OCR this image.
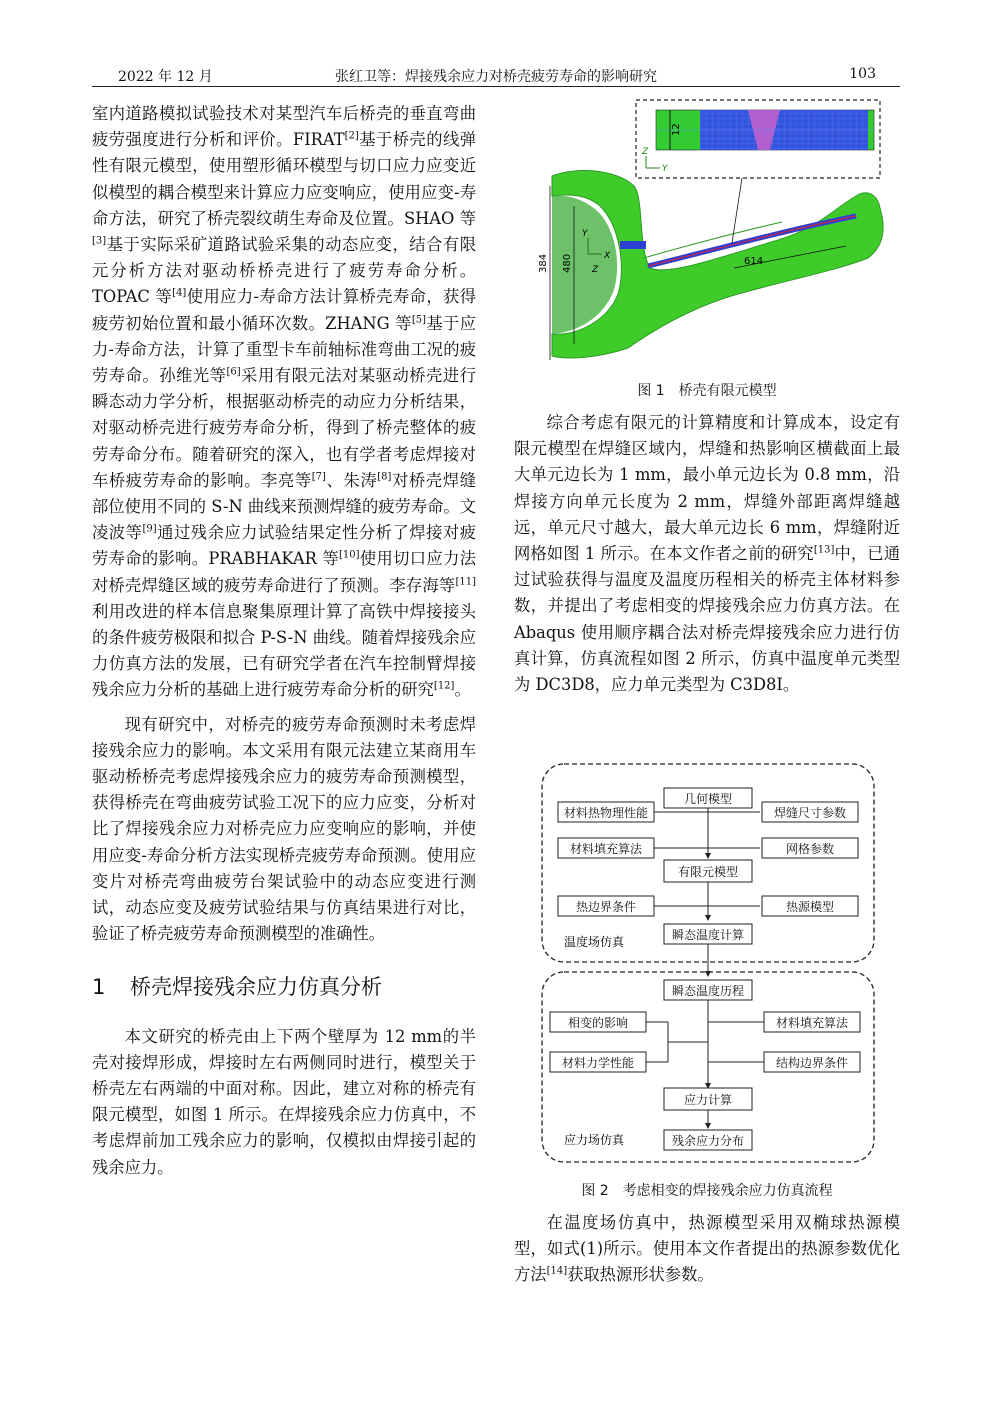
2022 年 12 月	张红卫等：焊接残余应力对桥壳疲劳寿命的影响研究	103

室内道路模拟试验技术对某型汽车后桥壳的垂直弯曲疲劳强度进行分析和评价。FIRAT[2]基于桥壳的线弹性有限元模型，使用塑形循环模型与切口应力应变近似模型的耦合模型来计算应力应变响应，使用应变-寿命方法，研究了桥壳裂纹萌生寿命及位置。SHAO 等[3]基于实际采矿道路试验采集的动态应变，结合有限元分析方法对驱动桥桥壳进行了疲劳寿命分析。TOPAC 等[4]使用应力-寿命方法计算桥壳寿命，获得疲劳初始位置和最小循环次数。ZHANG 等[5]基于应力-寿命方法，计算了重型卡车前轴标准弯曲工况的疲劳寿命。孙维光等[6]采用有限元法对某驱动桥壳进行瞬态动力学分析，根据驱动桥壳的动应力分析结果，对驱动桥壳进行疲劳寿命分析，得到了桥壳整体的疲劳寿命分布。随着研究的深入，也有学者考虑焊接对车桥疲劳寿命的影响。李亮等[7]、朱涛[8]对桥壳焊缝部位使用不同的 S-N 曲线来预测焊缝的疲劳寿命。文凌波等[9]通过残余应力试验结果定性分析了焊接对疲劳寿命的影响。PRABHAKAR 等[10]使用切口应力法对桥壳焊缝区域的疲劳寿命进行了预测。李存海等[11]利用改进的样本信息聚集原理计算了高铁中焊接接头的条件疲劳极限和拟合 P-S-N 曲线。随着焊接残余应力仿真方法的发展，已有研究学者在汽车控制臂焊接残余应力分析的基础上进行疲劳寿命分析的研究[12]。

现有研究中，对桥壳的疲劳寿命预测时未考虑焊接残余应力的影响。本文采用有限元法建立某商用车驱动桥桥壳考虑焊接残余应力的疲劳寿命预测模型，获得桥壳在弯曲疲劳试验工况下的应力应变，分析对比了焊接残余应力对桥壳应力应变响应的影响，并使用应变-寿命分析方法实现桥壳疲劳寿命预测。使用应变片对桥壳弯曲疲劳台架试验中的动态应变进行测试，动态应变及疲劳试验结果与仿真结果进行对比，验证了桥壳疲劳寿命预测模型的准确性。

1 桥壳焊接残余应力仿真分析

本文研究的桥壳由上下两个壁厚为 12 mm的半壳对接焊形成，焊接时左右两侧同时进行，模型关于桥壳左右两端的中面对称。因此，建立对称的桥壳有限元模型，如图 1 所示。在焊接残余应力仿真中，不考虑焊前加工残余应力的影响，仅模拟由焊接引起的残余应力。

12
Z
Y
384 480	614
Y
X
Z
图 1　桥壳有限元模型

综合考虑有限元的计算精度和计算成本，设定有限元模型在焊缝区域内，焊缝和热影响区横截面上最大单元边长为 1 mm，最小单元边长为 0.8 mm，沿焊接方向单元长度为 2 mm，焊缝外部距离焊缝越远，单元尺寸越大，最大单元边长 6 mm，焊缝附近网格如图 1 所示。在本文作者之前的研究[13]中，已通过试验获得与温度及温度历程相关的桥壳主体材料参数，并提出了考虑相变的焊接残余应力仿真方法。在 Abaqus 使用顺序耦合法对桥壳焊接残余应力进行仿真计算，仿真流程如图 2 所示，仿真中温度单元类型为 DC3D8，应力单元类型为 C3D8I。

几何模型
材料热物理性能	焊缝尺寸参数
材料填充算法	网格参数
有限元模型
热边界条件	热源模型
瞬态温度计算
瞬态温度历程
相变的影响	材料填充算法
材料力学性能	结构边界条件
应力计算
残余应力分布
温度场仿真
应力场仿真
图 2　考虑相变的焊接残余应力仿真流程

在温度场仿真中，热源模型采用双椭球热源模型，如式(1)所示。使用本文作者提出的热源参数优化方法[14]获取热源形状参数。
